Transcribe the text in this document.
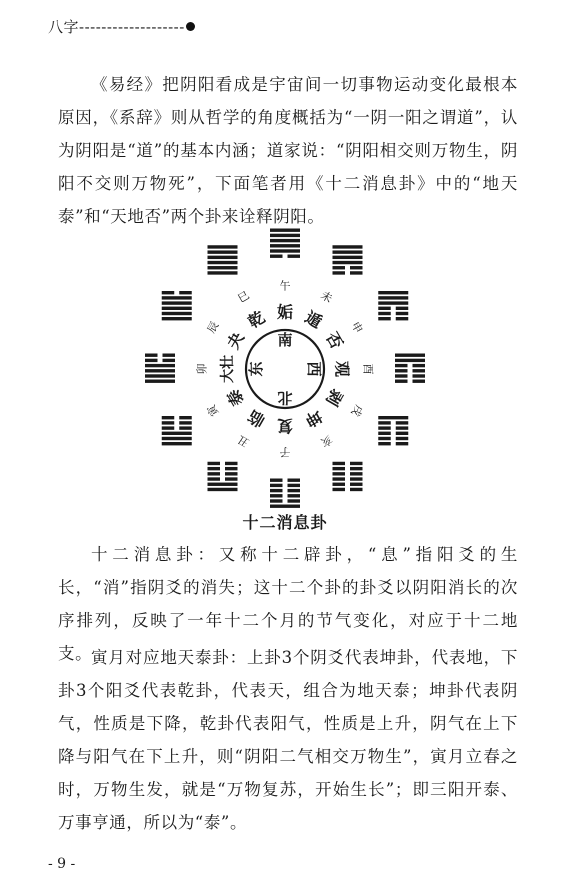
八字-------------------

《易经》把阴阳看成是宇宙间一切事物运动变化最根本原因，《系辞》则从哲学的角度概括为“一阴一阳之谓道”，认为阴阳是“道”的基本内涵；道家说：“阴阳相交则万物生，阴阳不交则万物死”，下面笔者用《十二消息卦》中的“地天泰”和“天地否”两个卦来诠释阴阳。

南
西
北
东
姤
午
遁
未
否
申
观 酉
剥
戌
坤
亥
复
子
临
丑
泰
寅
大壮
卯
夬
辰 乾
巳
十二消息卦

十二消息卦：又称十二辟卦，“息”指阳爻的生长，“消”指阴爻的消失；这十二个卦的卦爻以阴阳消长的次序排列，反映了一年十二个月的节气变化，对应于十二地支。

寅月对应地天泰卦：上卦3个阴爻代表坤卦，代表地，下卦3个阳爻代表乾卦，代表天，组合为地天泰；坤卦代表阴气，性质是下降，乾卦代表阳气，性质是上升，阴气在上下降与阳气在下上升，则“阴阳二气相交万物生”，寅月立春之时，万物生发，就是“万物复苏，开始生长”；即三阳开泰、万事亨通，所以为“泰”。

- 9 -
